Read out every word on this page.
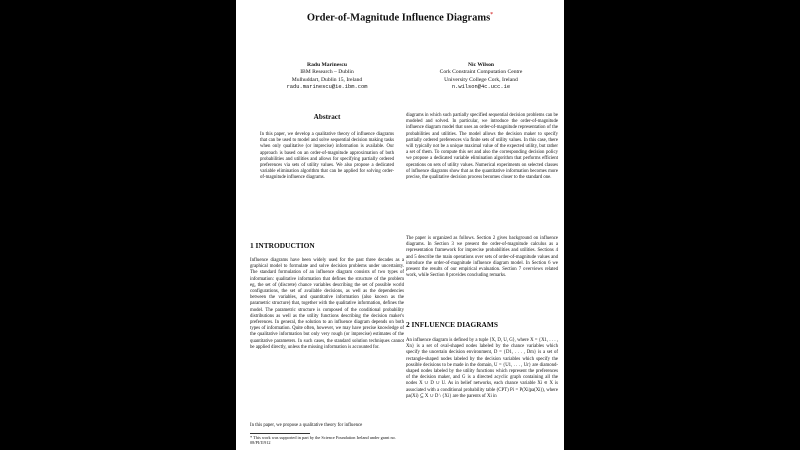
Order-of-Magnitude Influence Diagrams*
Radu Marinescu
IBM Research – Dublin
Mulhuddart, Dublin 15, Ireland
radu.marinescu@ie.ibm.com
Nic Wilson
Cork Constraint Computation Centre
University College Cork, Ireland
n.wilson@4c.ucc.ie
Abstract
In this paper, we develop a qualitative theory of influence diagrams that can be used to model and solve sequential decision making tasks when only qualitative (or imprecise) information is available. Our approach is based on an order-of-magnitude approximation of both probabilities and utilities and allows for specifying partially ordered preferences via sets of utility values. We also propose a dedicated variable elimination algorithm that can be applied for solving order-of-magnitude influence diagrams.
1 INTRODUCTION
Influence diagrams have been widely used for the past three decades as a graphical model to formulate and solve decision problems under uncertainty. The standard formulation of an influence diagram consists of two types of information: qualitative information that defines the structure of the problem eg, the set of (discrete) chance variables describing the set of possible world configurations, the set of available decisions, as well as the dependencies between the variables, and quantitative information (also known as the parametric structure) that, together with the qualitative information, defines the model. The parametric structure is composed of the conditional probability distributions as well as the utility functions describing the decision maker's preferences. In general, the solution to an influence diagram depends on both types of information. Quite often, however, we may have precise knowledge of the qualitative information but only very rough (or imprecise) estimates of the quantitative parameters. In such cases, the standard solution techniques cannot be applied directly, unless the missing information is accounted for.
In this paper, we propose a qualitative theory for influence
* This work was supported in part by the Science Foundation Ireland under grant no. 08/PI/I1912
diagrams in which such partially specified sequential decision problems can be modeled and solved. In particular, we introduce the order-of-magnitude influence diagram model that uses an order-of-magnitude representation of the probabilities and utilities. The model allows the decision maker to specify partially ordered preferences via finite sets of utility values. In this case, there will typically not be a unique maximal value of the expected utility, but rather a set of them. To compute this set and also the corresponding decision policy we propose a dedicated variable elimination algorithm that performs efficient operations on sets of utility values. Numerical experiments on selected classes of influence diagrams show that as the quantitative information becomes more precise, the qualitative decision process becomes closer to the standard one.
The paper is organized as follows. Section 2 gives background on influence diagrams. In Section 3 we present the order-of-magnitude calculus as a representation framework for imprecise probabilities and utilities. Sections 4 and 5 describe the main operations over sets of order-of-magnitude values and introduce the order-of-magnitude influence diagram model. In Section 6 we present the results of our empirical evaluation. Section 7 overviews related work, while Section 8 provides concluding remarks.
2 INFLUENCE DIAGRAMS
An influence diagram is defined by a tuple ⟨X, D, U, G⟩, where X = {X1, . . . , Xn} is a set of oval-shaped nodes labeled by the chance variables which specify the uncertain decision environment, D = {D1, . . . , Dm} is a set of rectangle-shaped nodes labeled by the decision variables which specify the possible decisions to be made in the domain, U = {U1, . . . , Ur} are diamond-shaped nodes labeled by the utility functions which represent the preferences of the decision maker, and G is a directed acyclic graph containing all the nodes X ∪ D ∪ U. As in belief networks, each chance variable Xi ∈ X is associated with a conditional probability table (CPT) Pi = P(Xi|pa(Xi)), where pa(Xi) ⊆ X ∪ D \ {Xi} are the parents of Xi in
